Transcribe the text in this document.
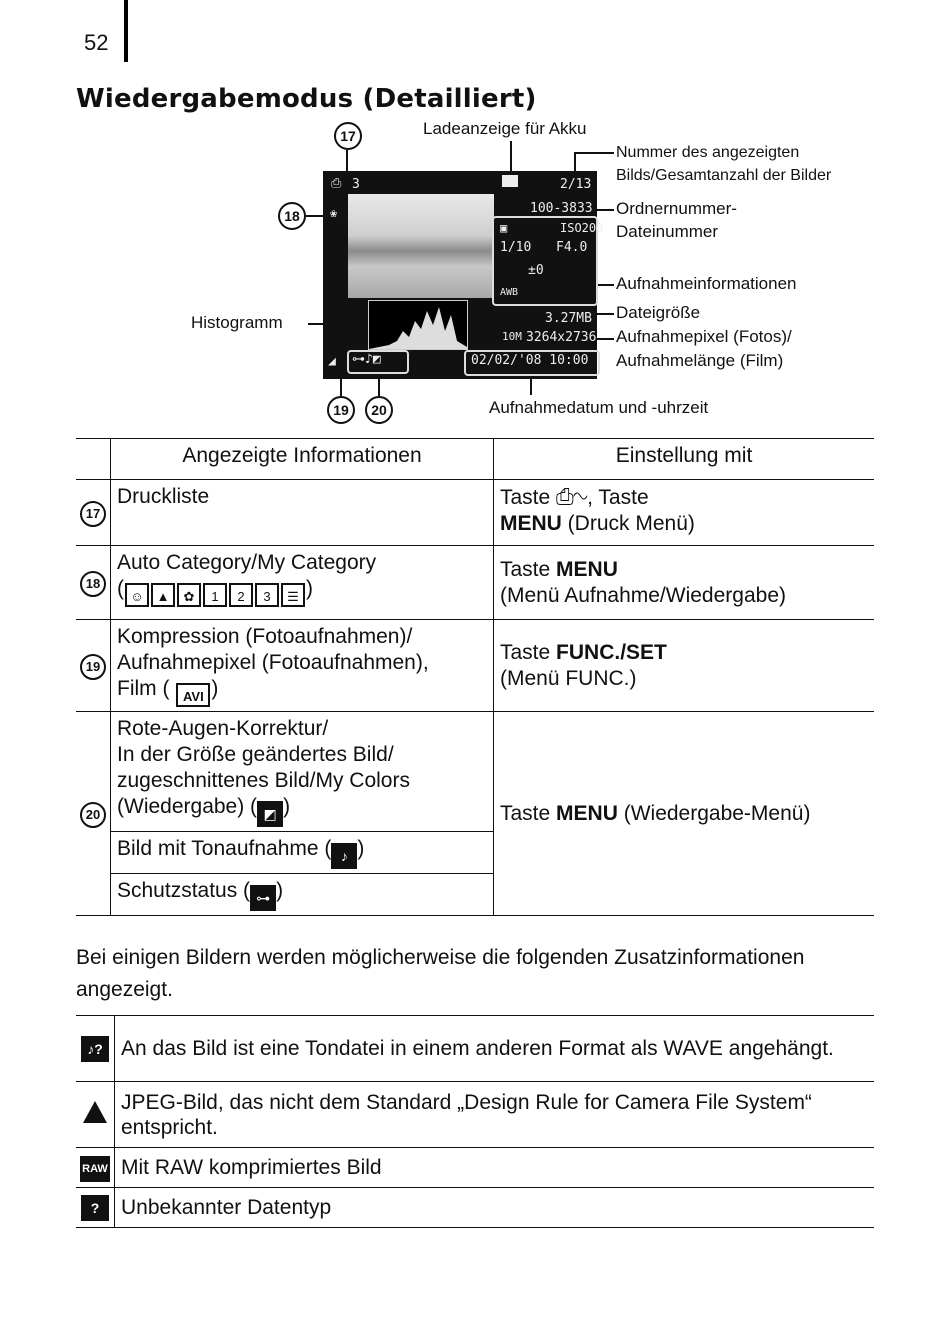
52
Wiedergabemodus (Detailliert)
17
18
19	20
Ladeanzeige für Akku
Nummer des angezeigten
Bilds/Gesamtanzahl der Bilder
Ordnernummer-
Dateinummer
Aufnahmeinformationen
Dateigröße
Aufnahmepixel (Fotos)/
Aufnahmelänge (Film)
Histogramm
Aufnahmedatum und -uhrzeit
⎙ 3	2/13
100-3833
❀
ISO200
▣
1/10 F4.0
±0
AWB
3.27MB
10M 3264x2736
⊶♪◩
◢	02/02/'08 10:00
	Angezeigte Informationen	Einstellung mit
17	Druckliste	Taste ⎙∿, Taste
MENU (Druck Menü)
18	Auto Category/My Category
( ☺ ▲ ✿ 1 2 3 ☰ )	Taste MENU
(Menü Aufnahme/Wiedergabe)
19	Kompression (Fotoaufnahmen)/
Aufnahmepixel (Fotoaufnahmen),
Film ( AVI )	Taste FUNC./SET
(Menü FUNC.)
20	Rote-Augen-Korrektur/
In der Größe geändertes Bild/
zugeschnittenes Bild/My Colors
(Wiedergabe) ( ◩ )	Taste MENU (Wiedergabe-Menü)
	Bild mit Tonaufnahme ( ♪ )	
	Schutzstatus ( ⊶ )	
Bei einigen Bildern werden möglicherweise die folgenden Zusatzinformationen angezeigt.
♪?	An das Bild ist eine Tondatei in einem anderen Format als WAVE angehängt.
	JPEG-Bild, das nicht dem Standard „Design Rule for Camera File System“ entspricht.
RAW	Mit RAW komprimiertes Bild
?	Unbekannter Datentyp
